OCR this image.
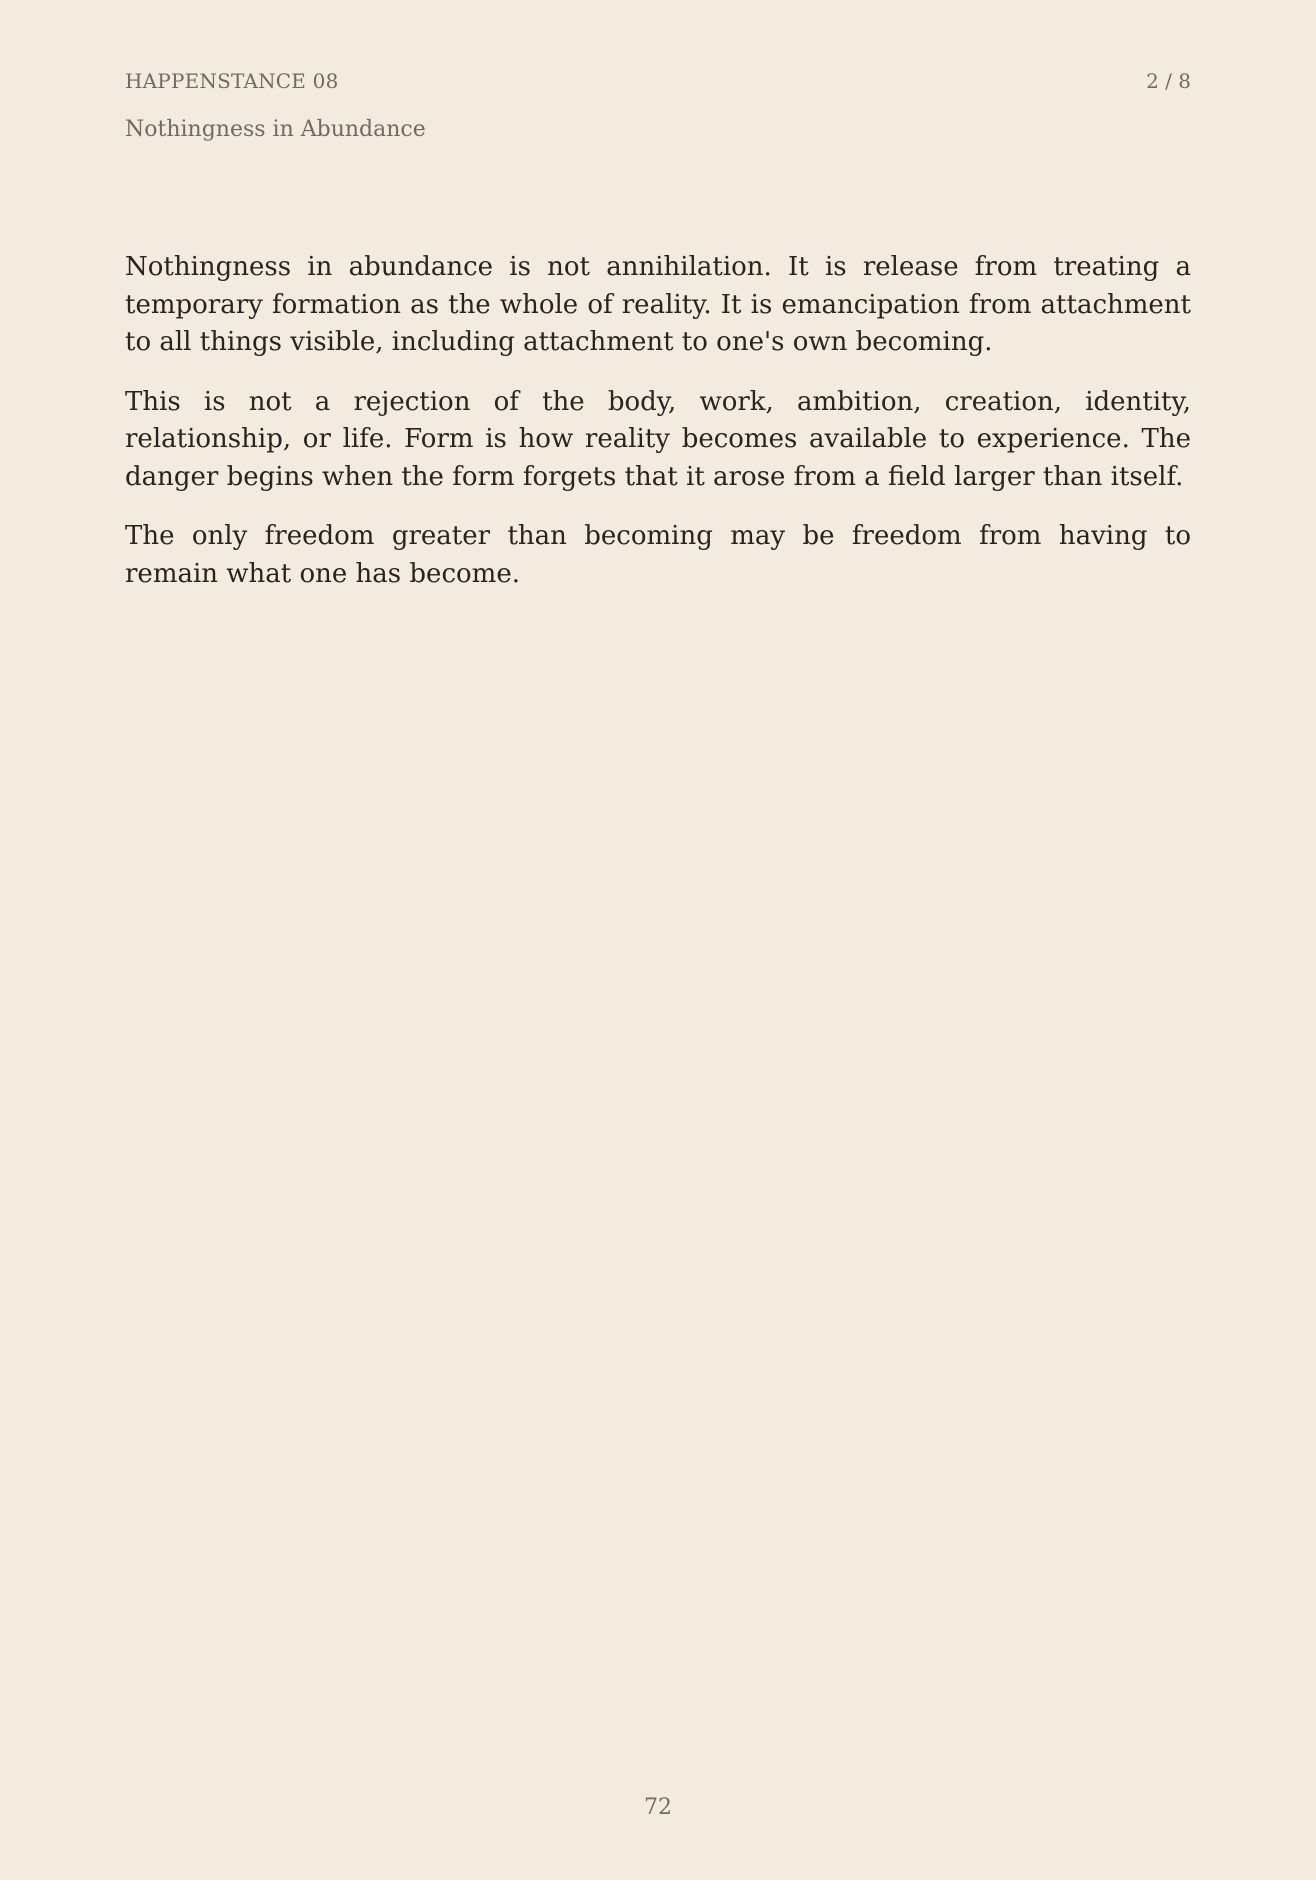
HAPPENSTANCE 08	2 / 8
Nothingness in Abundance

Nothingness in abundance is not annihilation. It is release from treating a temporary formation as the whole of reality. It is emancipation from attachment to all things visible, including attachment to one's own becoming.

This is not a rejection of the body, work, ambition, creation, identity, relationship, or life. Form is how reality becomes available to experience. The danger begins when the form forgets that it arose from a field larger than itself.

The only freedom greater than becoming may be freedom from having to remain what one has become.

72
